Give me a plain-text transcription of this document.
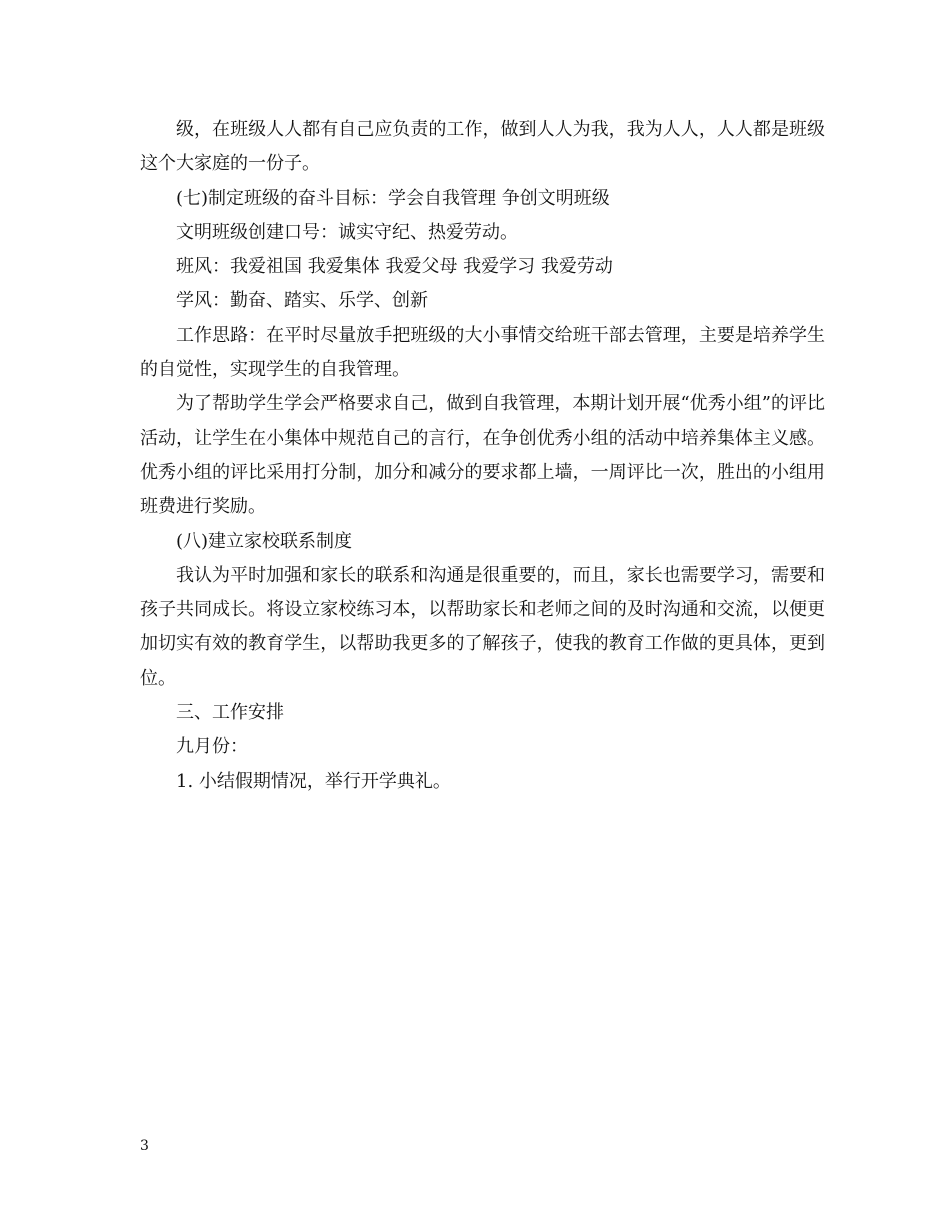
级，在班级人人都有自己应负责的工作，做到人人为我，我为人人，人人都是班级这个大家庭的一份子。

(七)制定班级的奋斗目标：学会自我管理 争创文明班级

文明班级创建口号：诚实守纪、热爱劳动。

班风：我爱祖国 我爱集体 我爱父母 我爱学习 我爱劳动

学风：勤奋、踏实、乐学、创新

工作思路：在平时尽量放手把班级的大小事情交给班干部去管理，主要是培养学生的自觉性，实现学生的自我管理。

为了帮助学生学会严格要求自己，做到自我管理，本期计划开展“优秀小组”的评比活动，让学生在小集体中规范自己的言行，在争创优秀小组的活动中培养集体主义感。优秀小组的评比采用打分制，加分和减分的要求都上墙，一周评比一次，胜出的小组用班费进行奖励。

(八)建立家校联系制度

我认为平时加强和家长的联系和沟通是很重要的，而且，家长也需要学习，需要和孩子共同成长。将设立家校练习本，以帮助家长和老师之间的及时沟通和交流，以便更加切实有效的教育学生，以帮助我更多的了解孩子，使我的教育工作做的更具体，更到位。

三、工作安排

九月份：

1. 小结假期情况，举行开学典礼。

3
